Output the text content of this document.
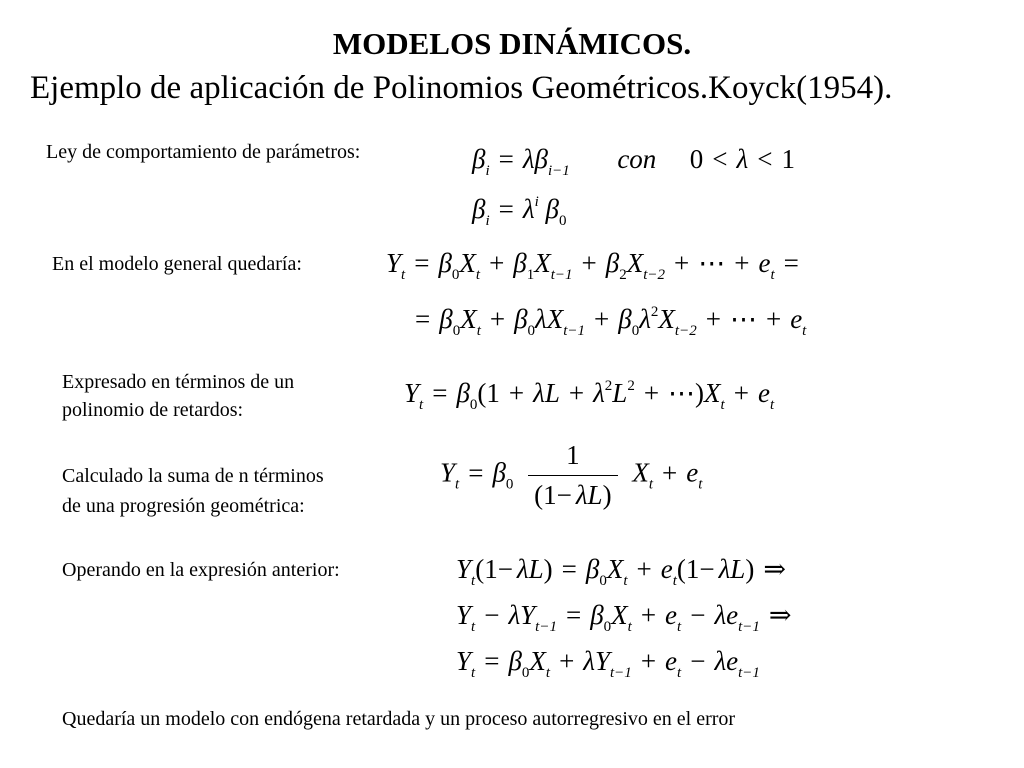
MODELOS DINÁMICOS.
Ejemplo de aplicación de Polinomios Geométricos.Koyck(1954).
Ley de comportamiento de parámetros:	$\beta_i = \lambda\beta_{i-1}$ con  0 < λ < 1
$\beta_i = \lambda^i$ $\beta_0$
En el modelo general quedaría:	$Y_t = \beta_0X_t + \beta_1X_{t-1} + \beta_2X_{t-2}$ + ⋯ + $e_t$ =
= $\beta_0X_t + \beta_0\lambda X_{t-1} + \beta_0\lambda^2X_{t-2}$ + ⋯ + $e_t$
Expresado en términos de un
polinomio de retardos:
$Y_t = \beta_0(1 + \lambda L + \lambda^2L^2$ + $\cdots)X_t + e_t$
Calculado la suma de n términos
de una progresión geométrica:
$Y_t = \beta_0 \frac{1}{(1- \lambda L)} X_t + e_t$
Operando en la expresión anterior:	$Y_t(1- \lambda L) = \beta_0X_t + e_t(1- \lambda L)$ ⇒
$Y_t - \lambda Y_{t-1} = \beta_0X_t + e_t - \lambda e_{t-1}$ ⇒
$Y_t = \beta_0X_t + \lambda Y_{t-1} + e_t - \lambda e_{t-1}$
Quedaría un modelo con endógena retardada y un proceso autorregresivo en el error
